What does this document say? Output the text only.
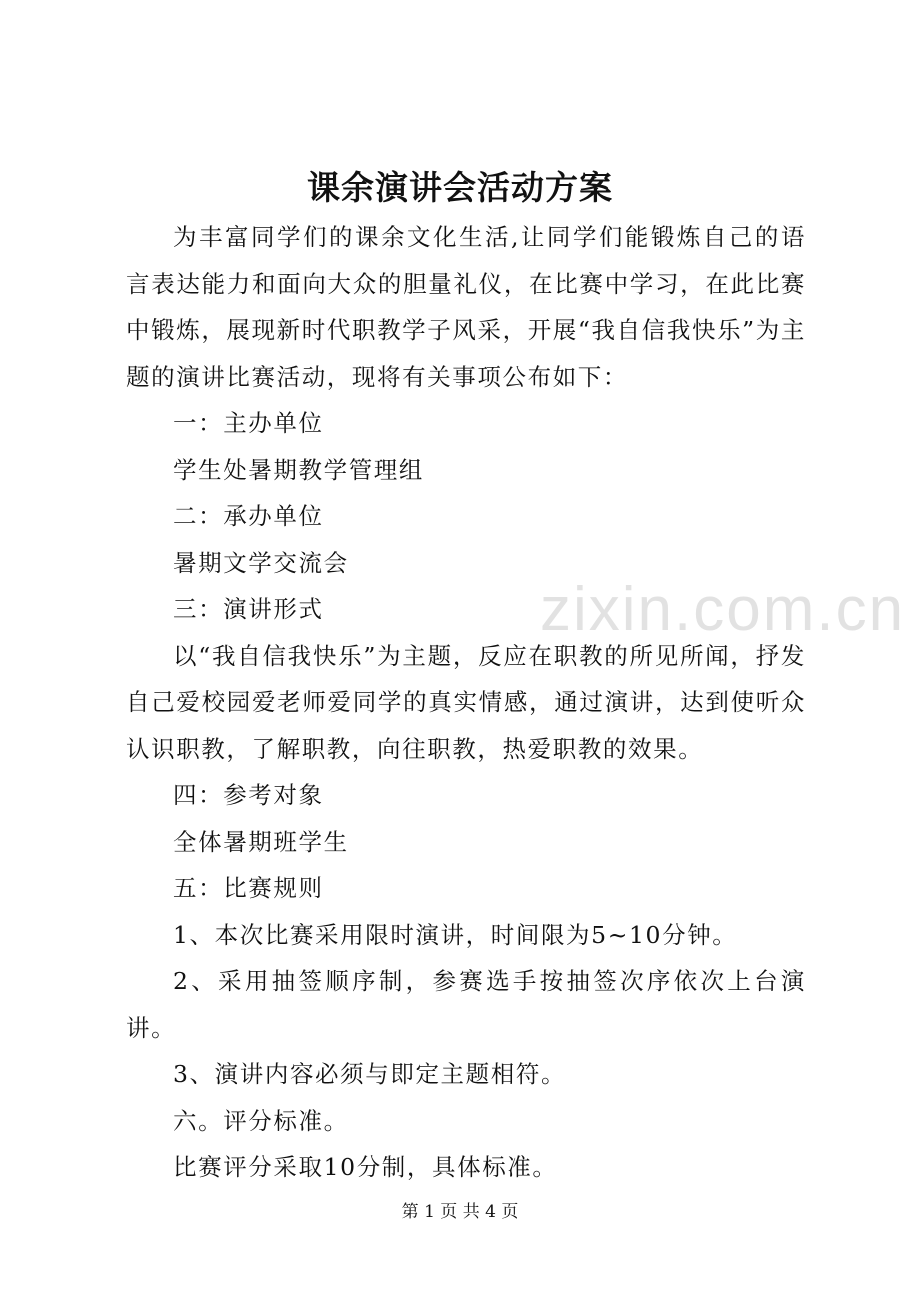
zixin.com.cn
课余演讲会活动方案

为丰富同学们的课余文化生活,让同学们能锻炼自己的语言表达能力和面向大众的胆量礼仪，在比赛中学习，在此比赛中锻炼，展现新时代职教学子风采，开展“我自信我快乐”为主题的演讲比赛活动，现将有关事项公布如下：

一：主办单位

学生处暑期教学管理组

二：承办单位

暑期文学交流会

三：演讲形式

以“我自信我快乐”为主题，反应在职教的所见所闻，抒发自己爱校园爱老师爱同学的真实情感，通过演讲，达到使听众认识职教，了解职教，向往职教，热爱职教的效果。

四：参考对象

全体暑期班学生

五：比赛规则

1、本次比赛采用限时演讲，时间限为5~10分钟。

2、采用抽签顺序制，参赛选手按抽签次序依次上台演讲。

3、演讲内容必须与即定主题相符。

六。评分标准。

比赛评分采取10分制，具体标准。

第 1 页 共 4 页
